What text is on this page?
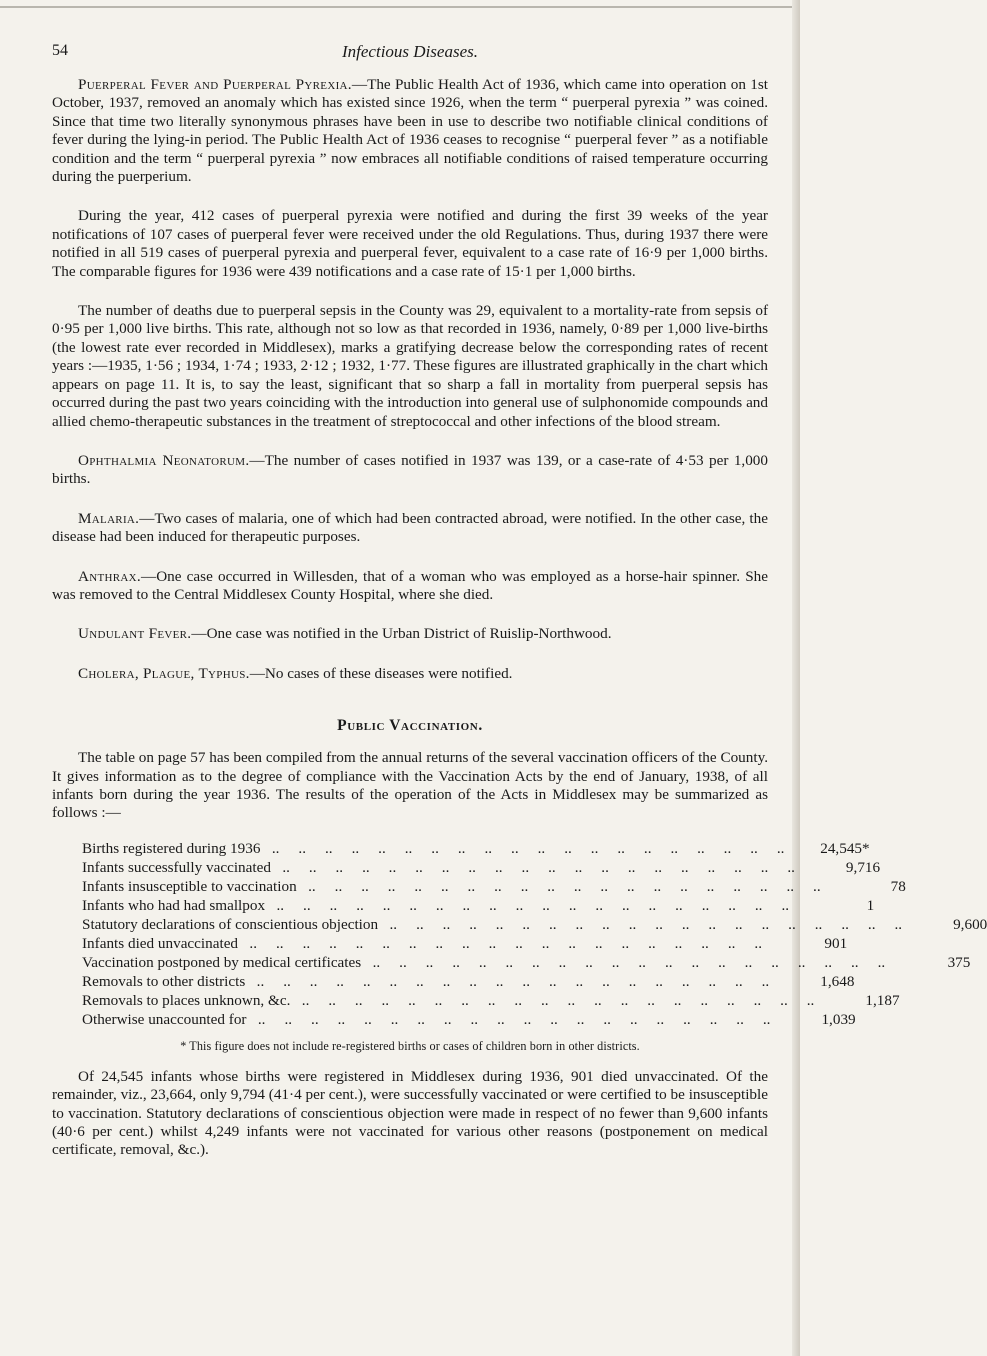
54	Infectious Diseases.

Puerperal Fever and Puerperal Pyrexia.—The Public Health Act of 1936, which came into operation on 1st October, 1937, removed an anomaly which has existed since 1926, when the term “ puerperal pyrexia ” was coined. Since that time two literally synonymous phrases have been in use to describe two notifiable clinical conditions of fever during the lying-in period. The Public Health Act of 1936 ceases to recognise “ puerperal fever ” as a notifiable condition and the term “ puerperal pyrexia ” now embraces all notifiable conditions of raised temperature occurring during the puerperium.

During the year, 412 cases of puerperal pyrexia were notified and during the first 39 weeks of the year notifications of 107 cases of puerperal fever were received under the old Regulations. Thus, during 1937 there were notified in all 519 cases of puerperal pyrexia and puerperal fever, equivalent to a case rate of 16·9 per 1,000 births. The comparable figures for 1936 were 439 notifications and a case rate of 15·1 per 1,000 births.

The number of deaths due to puerperal sepsis in the County was 29, equivalent to a mortality-rate from sepsis of 0·95 per 1,000 live births. This rate, although not so low as that recorded in 1936, namely, 0·89 per 1,000 live-births (the lowest rate ever recorded in Middlesex), marks a gratifying decrease below the corresponding rates of recent years :—1935, 1·56 ; 1934, 1·74 ; 1933, 2·12 ; 1932, 1·77. These figures are illustrated graphically in the chart which appears on page 11. It is, to say the least, significant that so sharp a fall in mortality from puerperal sepsis has occurred during the past two years coinciding with the introduction into general use of sulphonomide compounds and allied chemo-therapeutic substances in the treatment of streptococcal and other infections of the blood stream.

Ophthalmia Neonatorum.—The number of cases notified in 1937 was 139, or a case-rate of 4·53 per 1,000 births.

Malaria.—Two cases of malaria, one of which had been contracted abroad, were notified. In the other case, the disease had been induced for therapeutic purposes.

Anthrax.—One case occurred in Willesden, that of a woman who was employed as a horse-hair spinner. She was removed to the Central Middlesex County Hospital, where she died.

Undulant Fever.—One case was notified in the Urban District of Ruislip-Northwood.

Cholera, Plague, Typhus.—No cases of these diseases were notified.

Public Vaccination.

The table on page 57 has been compiled from the annual returns of the several vaccination officers of the County. It gives information as to the degree of compliance with the Vaccination Acts by the end of January, 1938, of all infants born during the year 1936. The results of the operation of the Acts in Middlesex may be summarized as follows :—

Births registered during 1936   ..     ..     ..     ..     ..     ..     ..     ..     ..     ..     ..     ..     ..     ..     ..     ..     ..     ..     ..     ..	24,545*
Infants successfully vaccinated   ..     ..     ..     ..     ..     ..     ..     ..     ..     ..     ..     ..     ..     ..     ..     ..     ..     ..     ..     ..	9,716
Infants insusceptible to vaccination   ..     ..     ..     ..     ..     ..     ..     ..     ..     ..     ..     ..     ..     ..     ..     ..     ..     ..     ..     ..	78
Infants who had had smallpox   ..     ..     ..     ..     ..     ..     ..     ..     ..     ..     ..     ..     ..     ..     ..     ..     ..     ..     ..     ..	1
Statutory declarations of conscientious objection   ..     ..     ..     ..     ..     ..     ..     ..     ..     ..     ..     ..     ..     ..     ..     ..     ..     ..     ..     ..	9,600
Infants died unvaccinated   ..     ..     ..     ..     ..     ..     ..     ..     ..     ..     ..     ..     ..     ..     ..     ..     ..     ..     ..     ..	901
Vaccination postponed by medical certificates   ..     ..     ..     ..     ..     ..     ..     ..     ..     ..     ..     ..     ..     ..     ..     ..     ..     ..     ..     ..	375
Removals to other districts   ..     ..     ..     ..     ..     ..     ..     ..     ..     ..     ..     ..     ..     ..     ..     ..     ..     ..     ..     ..	1,648
Removals to places unknown, &c.   ..     ..     ..     ..     ..     ..     ..     ..     ..     ..     ..     ..     ..     ..     ..     ..     ..     ..     ..     ..	1,187
Otherwise unaccounted for   ..     ..     ..     ..     ..     ..     ..     ..     ..     ..     ..     ..     ..     ..     ..     ..     ..     ..     ..     ..	1,039
* This figure does not include re-registered births or cases of children born in other districts.

Of 24,545 infants whose births were registered in Middlesex during 1936, 901 died unvaccinated. Of the remainder, viz., 23,664, only 9,794 (41·4 per cent.), were successfully vaccinated or were certified to be insusceptible to vaccination. Statutory declarations of conscientious objection were made in respect of no fewer than 9,600 infants (40·6 per cent.) whilst 4,249 infants were not vaccinated for various other reasons (postponement on medical certificate, removal, &c.).
